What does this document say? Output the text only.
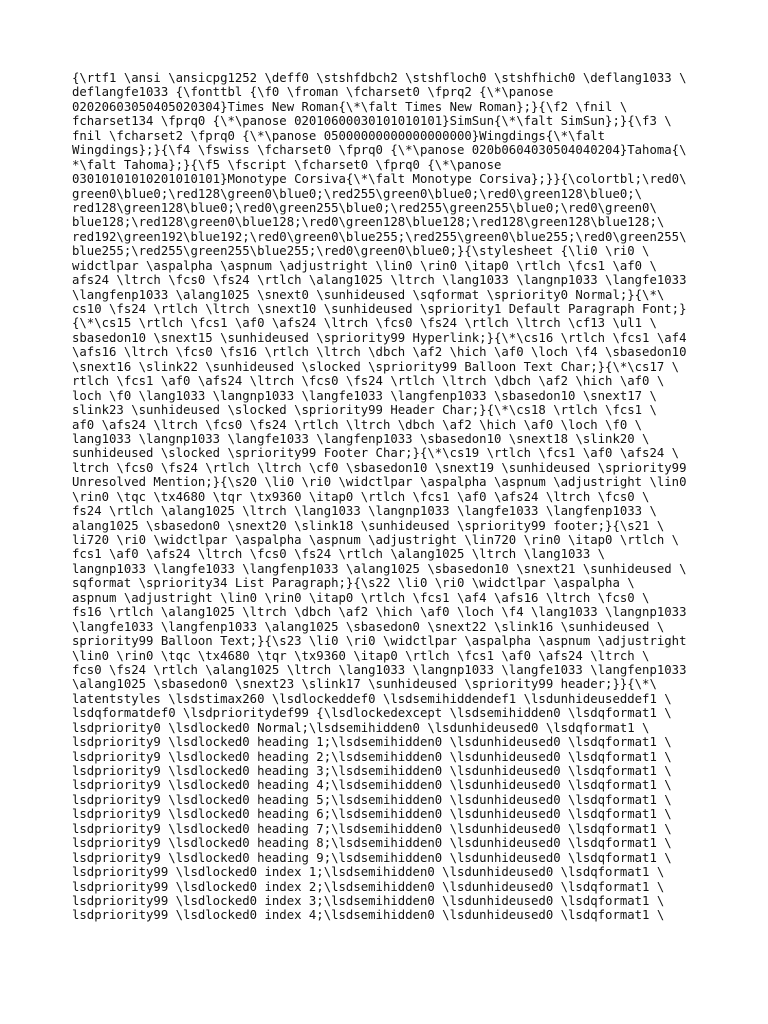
{\rtf1 \ansi \ansicpg1252 \deff0 \stshfdbch2 \stshfloch0 \stshfhich0 \deflang1033 \
deflangfe1033 {\fonttbl {\f0 \froman \fcharset0 \fprq2 {\*\panose
02020603050405020304}Times New Roman{\*\falt Times New Roman};}{\f2 \fnil \
fcharset134 \fprq0 {\*\panose 02010600030101010101}SimSun{\*\falt SimSun};}{\f3 \
fnil \fcharset2 \fprq0 {\*\panose 05000000000000000000}Wingdings{\*\falt
Wingdings};}{\f4 \fswiss \fcharset0 \fprq0 {\*\panose 020b0604030504040204}Tahoma{\
*\falt Tahoma};}{\f5 \fscript \fcharset0 \fprq0 {\*\panose
03010101010201010101}Monotype Corsiva{\*\falt Monotype Corsiva};}}{\colortbl;\red0\
green0\blue0;\red128\green0\blue0;\red255\green0\blue0;\red0\green128\blue0;\
red128\green128\blue0;\red0\green255\blue0;\red255\green255\blue0;\red0\green0\
blue128;\red128\green0\blue128;\red0\green128\blue128;\red128\green128\blue128;\
red192\green192\blue192;\red0\green0\blue255;\red255\green0\blue255;\red0\green255\
blue255;\red255\green255\blue255;\red0\green0\blue0;}{\stylesheet {\li0 \ri0 \
widctlpar \aspalpha \aspnum \adjustright \lin0 \rin0 \itap0 \rtlch \fcs1 \af0 \
afs24 \ltrch \fcs0 \fs24 \rtlch \alang1025 \ltrch \lang1033 \langnp1033 \langfe1033
\langfenp1033 \alang1025 \snext0 \sunhideused \sqformat \spriority0 Normal;}{\*\
cs10 \fs24 \rtlch \ltrch \snext10 \sunhideused \spriority1 Default Paragraph Font;}
{\*\cs15 \rtlch \fcs1 \af0 \afs24 \ltrch \fcs0 \fs24 \rtlch \ltrch \cf13 \ul1 \
sbasedon10 \snext15 \sunhideused \spriority99 Hyperlink;}{\*\cs16 \rtlch \fcs1 \af4
\afs16 \ltrch \fcs0 \fs16 \rtlch \ltrch \dbch \af2 \hich \af0 \loch \f4 \sbasedon10
\snext16 \slink22 \sunhideused \slocked \spriority99 Balloon Text Char;}{\*\cs17 \
rtlch \fcs1 \af0 \afs24 \ltrch \fcs0 \fs24 \rtlch \ltrch \dbch \af2 \hich \af0 \
loch \f0 \lang1033 \langnp1033 \langfe1033 \langfenp1033 \sbasedon10 \snext17 \
slink23 \sunhideused \slocked \spriority99 Header Char;}{\*\cs18 \rtlch \fcs1 \
af0 \afs24 \ltrch \fcs0 \fs24 \rtlch \ltrch \dbch \af2 \hich \af0 \loch \f0 \
lang1033 \langnp1033 \langfe1033 \langfenp1033 \sbasedon10 \snext18 \slink20 \
sunhideused \slocked \spriority99 Footer Char;}{\*\cs19 \rtlch \fcs1 \af0 \afs24 \
ltrch \fcs0 \fs24 \rtlch \ltrch \cf0 \sbasedon10 \snext19 \sunhideused \spriority99
Unresolved Mention;}{\s20 \li0 \ri0 \widctlpar \aspalpha \aspnum \adjustright \lin0
\rin0 \tqc \tx4680 \tqr \tx9360 \itap0 \rtlch \fcs1 \af0 \afs24 \ltrch \fcs0 \
fs24 \rtlch \alang1025 \ltrch \lang1033 \langnp1033 \langfe1033 \langfenp1033 \
alang1025 \sbasedon0 \snext20 \slink18 \sunhideused \spriority99 footer;}{\s21 \
li720 \ri0 \widctlpar \aspalpha \aspnum \adjustright \lin720 \rin0 \itap0 \rtlch \
fcs1 \af0 \afs24 \ltrch \fcs0 \fs24 \rtlch \alang1025 \ltrch \lang1033 \
langnp1033 \langfe1033 \langfenp1033 \alang1025 \sbasedon10 \snext21 \sunhideused \
sqformat \spriority34 List Paragraph;}{\s22 \li0 \ri0 \widctlpar \aspalpha \
aspnum \adjustright \lin0 \rin0 \itap0 \rtlch \fcs1 \af4 \afs16 \ltrch \fcs0 \
fs16 \rtlch \alang1025 \ltrch \dbch \af2 \hich \af0 \loch \f4 \lang1033 \langnp1033
\langfe1033 \langfenp1033 \alang1025 \sbasedon0 \snext22 \slink16 \sunhideused \
spriority99 Balloon Text;}{\s23 \li0 \ri0 \widctlpar \aspalpha \aspnum \adjustright
\lin0 \rin0 \tqc \tx4680 \tqr \tx9360 \itap0 \rtlch \fcs1 \af0 \afs24 \ltrch \
fcs0 \fs24 \rtlch \alang1025 \ltrch \lang1033 \langnp1033 \langfe1033 \langfenp1033
\alang1025 \sbasedon0 \snext23 \slink17 \sunhideused \spriority99 header;}}{\*\
latentstyles \lsdstimax260 \lsdlockeddef0 \lsdsemihiddendef1 \lsdunhideuseddef1 \
lsdqformatdef0 \lsdprioritydef99 {\lsdlockedexcept \lsdsemihidden0 \lsdqformat1 \
lsdpriority0 \lsdlocked0 Normal;\lsdsemihidden0 \lsdunhideused0 \lsdqformat1 \
lsdpriority9 \lsdlocked0 heading 1;\lsdsemihidden0 \lsdunhideused0 \lsdqformat1 \
lsdpriority9 \lsdlocked0 heading 2;\lsdsemihidden0 \lsdunhideused0 \lsdqformat1 \
lsdpriority9 \lsdlocked0 heading 3;\lsdsemihidden0 \lsdunhideused0 \lsdqformat1 \
lsdpriority9 \lsdlocked0 heading 4;\lsdsemihidden0 \lsdunhideused0 \lsdqformat1 \
lsdpriority9 \lsdlocked0 heading 5;\lsdsemihidden0 \lsdunhideused0 \lsdqformat1 \
lsdpriority9 \lsdlocked0 heading 6;\lsdsemihidden0 \lsdunhideused0 \lsdqformat1 \
lsdpriority9 \lsdlocked0 heading 7;\lsdsemihidden0 \lsdunhideused0 \lsdqformat1 \
lsdpriority9 \lsdlocked0 heading 8;\lsdsemihidden0 \lsdunhideused0 \lsdqformat1 \
lsdpriority9 \lsdlocked0 heading 9;\lsdsemihidden0 \lsdunhideused0 \lsdqformat1 \
lsdpriority99 \lsdlocked0 index 1;\lsdsemihidden0 \lsdunhideused0 \lsdqformat1 \
lsdpriority99 \lsdlocked0 index 2;\lsdsemihidden0 \lsdunhideused0 \lsdqformat1 \
lsdpriority99 \lsdlocked0 index 3;\lsdsemihidden0 \lsdunhideused0 \lsdqformat1 \
lsdpriority99 \lsdlocked0 index 4;\lsdsemihidden0 \lsdunhideused0 \lsdqformat1 \
